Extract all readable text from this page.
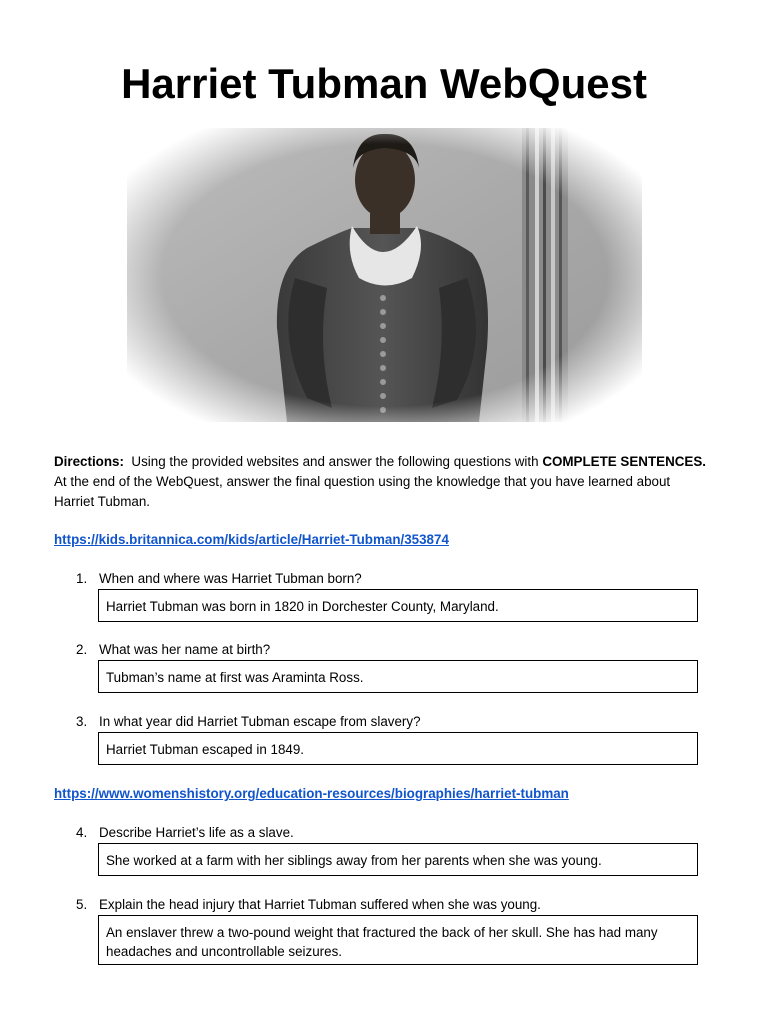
Harriet Tubman WebQuest

Directions: Using the provided websites and answer the following questions with COMPLETE SENTENCES. At the end of the WebQuest, answer the final question using the knowledge that you have learned about Harriet Tubman.

https://kids.britannica.com/kids/article/Harriet-Tubman/353874
1. When and where was Harriet Tubman born?
Harriet Tubman was born in 1820 in Dorchester County, Maryland.
2. What was her name at birth?
Tubman’s name at first was Araminta Ross.
3. In what year did Harriet Tubman escape from slavery?
Harriet Tubman escaped in 1849.
https://www.womenshistory.org/education-resources/biographies/harriet-tubman
4. Describe Harriet’s life as a slave.
She worked at a farm with her siblings away from her parents when she was young.
5. Explain the head injury that Harriet Tubman suffered when she was young.
An enslaver threw a two-pound weight that fractured the back of her skull. She has had many headaches and uncontrollable seizures.
